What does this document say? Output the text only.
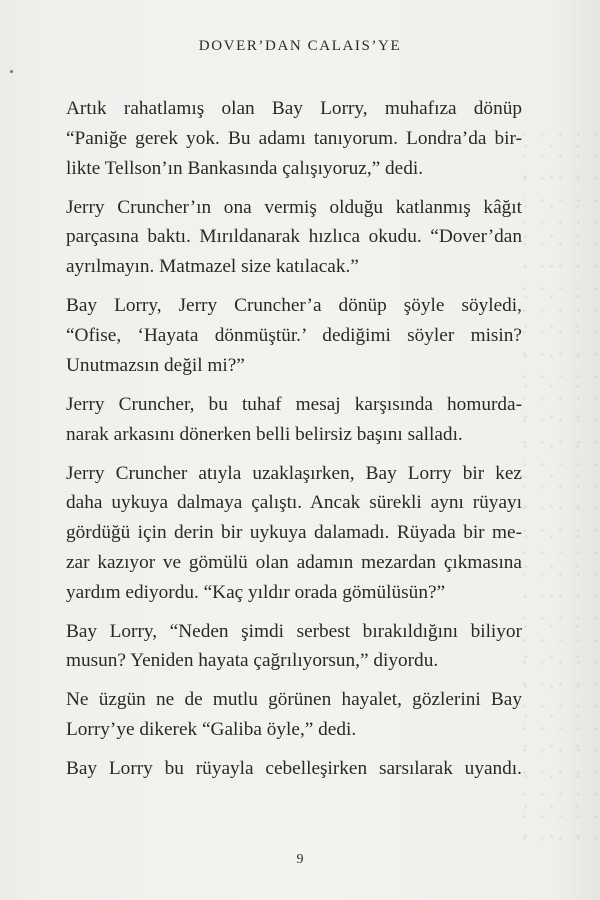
DOVER’DAN CALAIS’YE
Artık rahatlamış olan Bay Lorry, muhafıza dönüp
“Paniğe gerek yok. Bu adamı tanıyorum. Londra’da bir-
likte Tellson’ın Bankasında çalışıyoruz,” dedi.
Jerry Cruncher’ın ona vermiş olduğu katlanmış kâğıt
parçasına baktı. Mırıldanarak hızlıca okudu. “Dover’dan
ayrılmayın. Matmazel size katılacak.”
Bay Lorry, Jerry Cruncher’a dönüp şöyle söyledi,
“Ofise, ‘Hayata dönmüştür.’ dediğimi söyler misin?
Unutmazsın değil mi?”
Jerry Cruncher, bu tuhaf mesaj karşısında homurda-
narak arkasını dönerken belli belirsiz başını salladı.
Jerry Cruncher atıyla uzaklaşırken, Bay Lorry bir kez
daha uykuya dalmaya çalıştı. Ancak sürekli aynı rüyayı
gördüğü için derin bir uykuya dalamadı. Rüyada bir me-
zar kazıyor ve gömülü olan adamın mezardan çıkmasına
yardım ediyordu. “Kaç yıldır orada gömülüsün?”
Bay Lorry, “Neden şimdi serbest bırakıldığını biliyor
musun? Yeniden hayata çağrılıyorsun,” diyordu.
Ne üzgün ne de mutlu görünen hayalet, gözlerini Bay
Lorry’ye dikerek “Galiba öyle,” dedi.
Bay Lorry bu rüyayla cebelleşirken sarsılarak uyandı.
9
